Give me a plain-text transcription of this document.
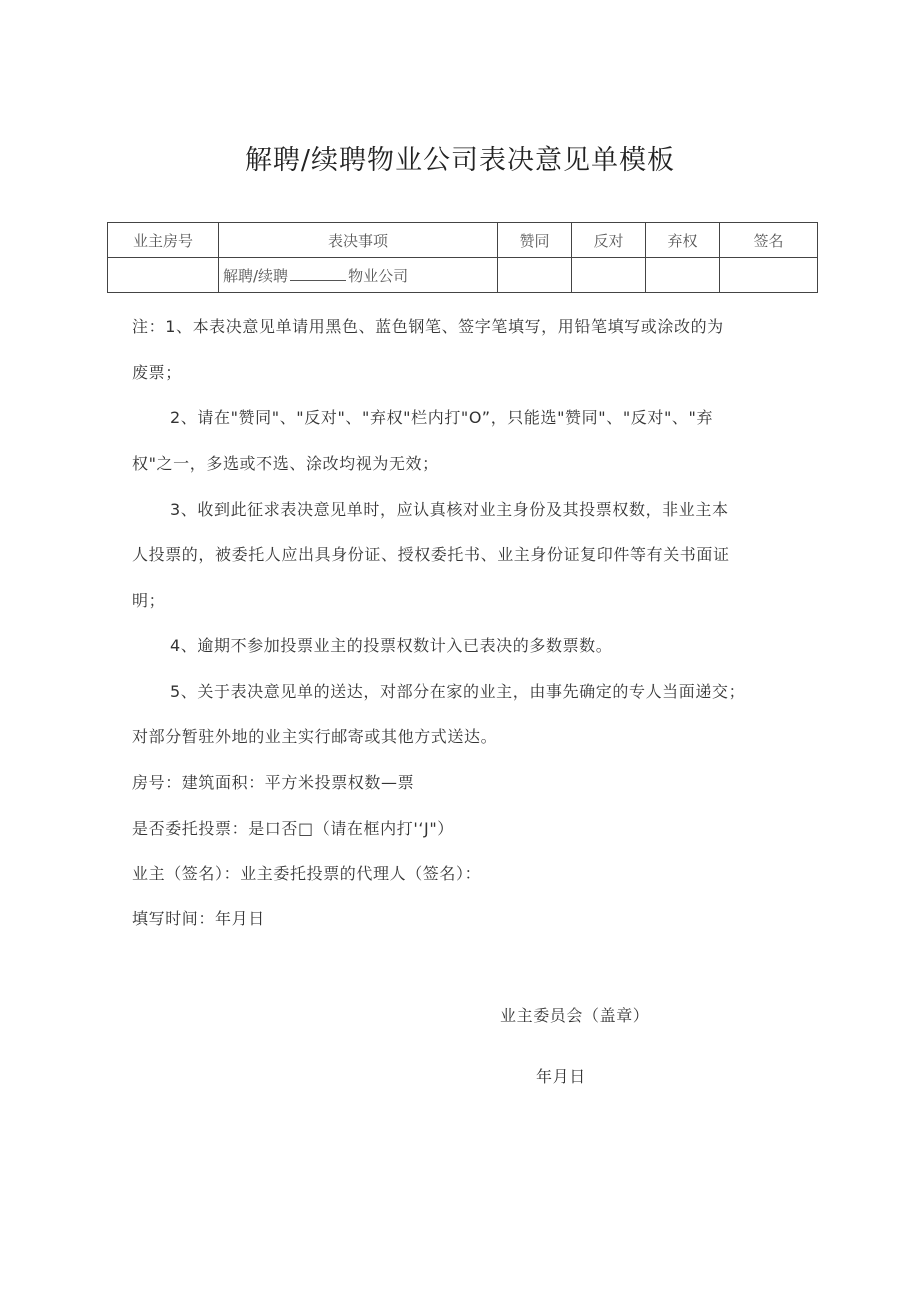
解聘/续聘物业公司表决意见单模板
业主房号	表决事项	赞同	反对	弃权	签名
	解聘/续聘 物业公司				
注：1、本表决意见单请用黑色、蓝色钢笔、签字笔填写，用铅笔填写或涂改的为
废票；
2、请在"赞同"、"反对"、"弃权"栏内打"O”，只能选"赞同"、"反对"、"弃
权"之一，多选或不选、涂改均视为无效；
3、收到此征求表决意见单时，应认真核对业主身份及其投票权数，非业主本
人投票的，被委托人应出具身份证、授权委托书、业主身份证复印件等有关书面证
明；
4、逾期不参加投票业主的投票权数计入已表决的多数票数。
5、关于表决意见单的送达，对部分在家的业主，由事先确定的专人当面递交；
对部分暂驻外地的业主实行邮寄或其他方式送达。
房号：建筑面积：平方米投票权数—票
是否委托投票：是口否□（请在框内打'‘J"）
业主（签名）：业主委托投票的代理人（签名）：
填写时间：年月日
业主委员会（盖章）
年月日
